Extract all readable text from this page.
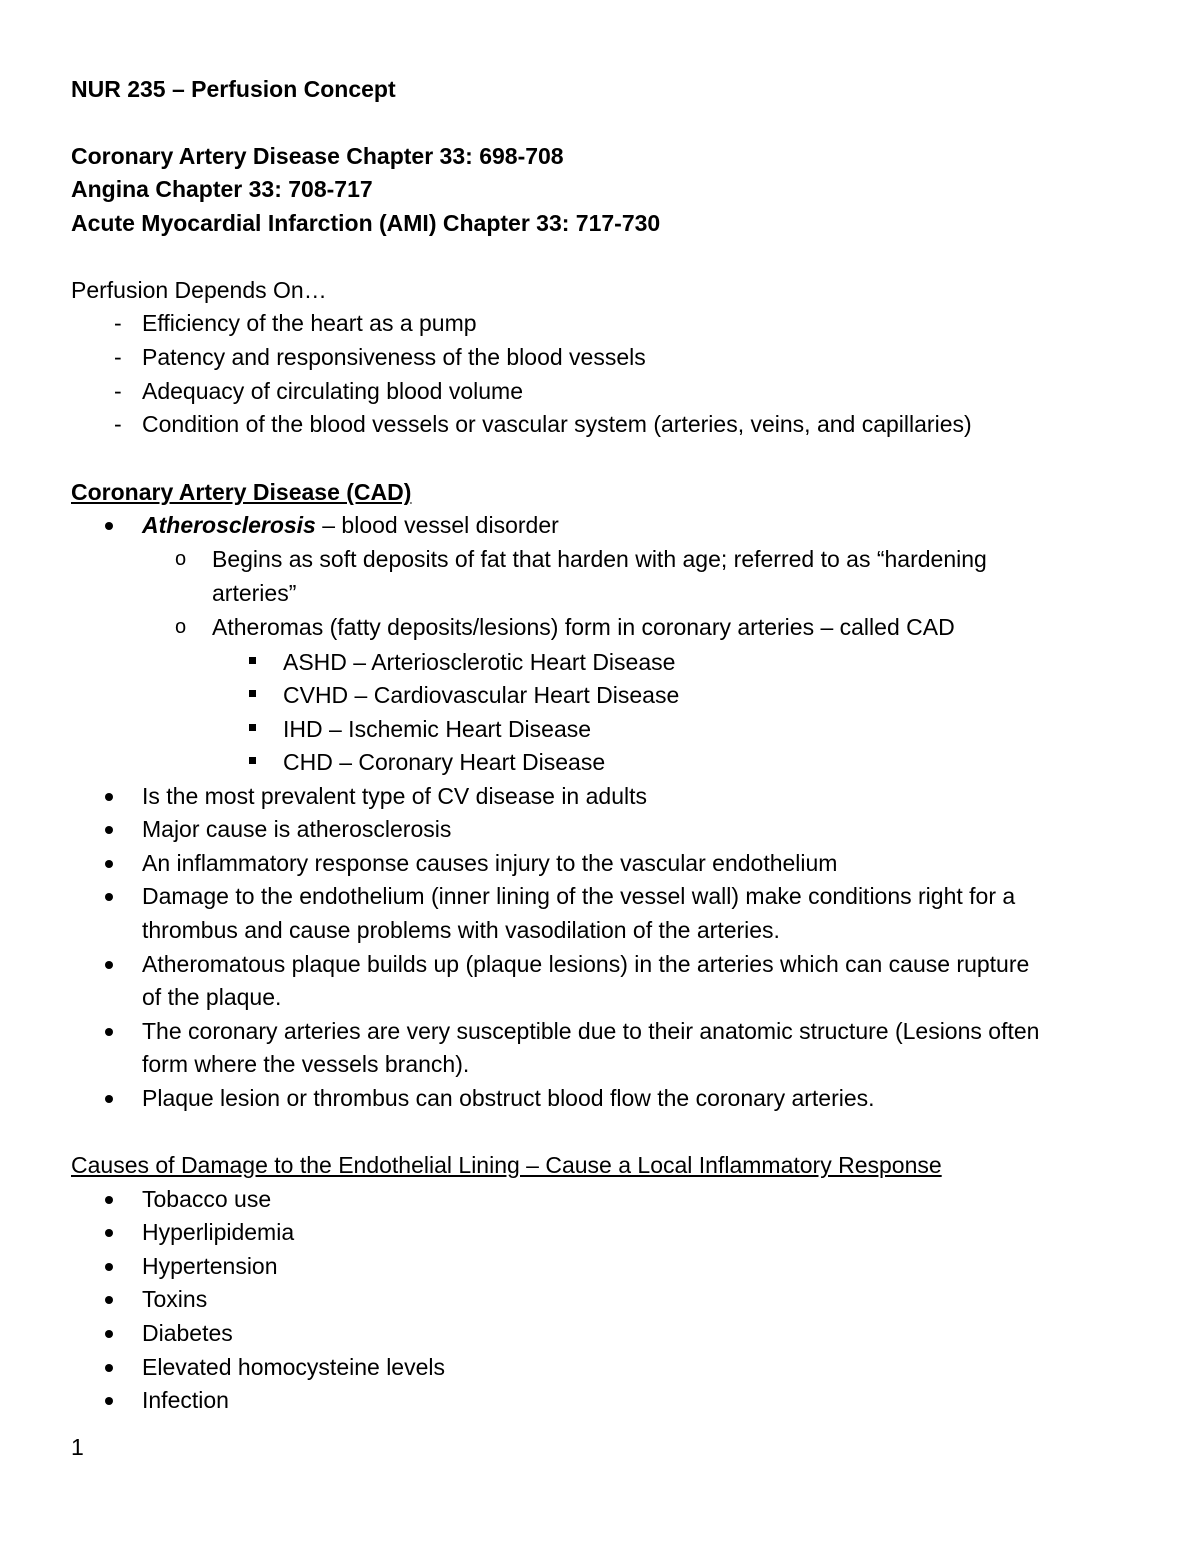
NUR 235 – Perfusion Concept
Coronary Artery Disease Chapter 33: 698-708
Angina Chapter 33: 708-717
Acute Myocardial Infarction (AMI) Chapter 33: 717-730
Perfusion Depends On…
- Efficiency of the heart as a pump
- Patency and responsiveness of the blood vessels
- Adequacy of circulating blood volume
- Condition of the blood vessels or vascular system (arteries, veins, and capillaries)
Coronary Artery Disease (CAD)
Atherosclerosis – blood vessel disorder
o Begins as soft deposits of fat that harden with age; referred to as “hardening
arteries”
o Atheromas (fatty deposits/lesions) form in coronary arteries – called CAD
ASHD – Arteriosclerotic Heart Disease
CVHD – Cardiovascular Heart Disease
IHD – Ischemic Heart Disease
CHD – Coronary Heart Disease
Is the most prevalent type of CV disease in adults
Major cause is atherosclerosis
An inflammatory response causes injury to the vascular endothelium
Damage to the endothelium (inner lining of the vessel wall) make conditions right for a
thrombus and cause problems with vasodilation of the arteries.
Atheromatous plaque builds up (plaque lesions) in the arteries which can cause rupture
of the plaque.
The coronary arteries are very susceptible due to their anatomic structure (Lesions often
form where the vessels branch).
Plaque lesion or thrombus can obstruct blood flow the coronary arteries.
Causes of Damage to the Endothelial Lining – Cause a Local Inflammatory Response
Tobacco use
Hyperlipidemia
Hypertension
Toxins
Diabetes
Elevated homocysteine levels
Infection
1
